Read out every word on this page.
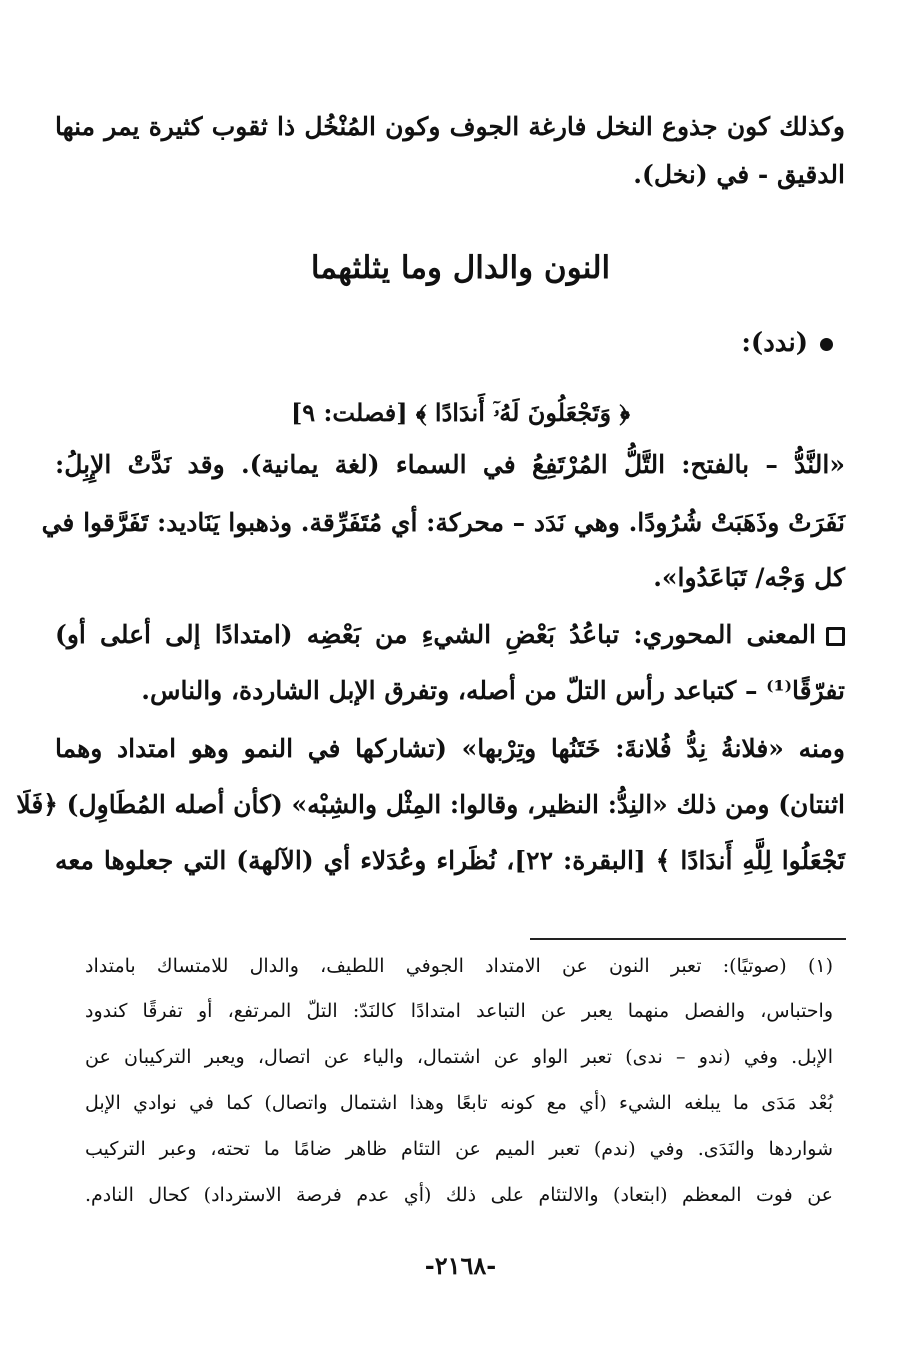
وكذلك كون جذوع النخل فارغة الجوف وكون المُنْخُل ذا ثقوب كثيرة يمر منها
الدقيق - في (نخل).
النون والدال وما يثلثهما
(ندد):
﴿ وَتَجْعَلُونَ لَهُۥٓ أَندَادًا ﴾ [فصلت: ٩]
«النَّدُّ – بالفتح: التَّلُّ المُرْتَفِعُ في السماء (لغة يمانية). وقد نَدَّتْ الإِبِلُ:
نَفَرَتْ وذَهَبَتْ شُرُودًا. وهي نَدَد – محركة: أي مُتَفَرِّقة. وذهبوا يَنَاديد: تَفَرَّقوا في
كل وَجْه/ تَبَاعَدُوا».
المعنى المحوري: تباعُدُ بَعْضِ الشيءِ من بَعْضِه (امتدادًا إلى أعلى أو)
تفرّقًا⁽¹⁾ – كتباعد رأس التلّ من أصله، وتفرق الإبل الشاردة، والناس.
ومنه «فلانةُ نِدُّ فُلانةَ: خَتَنُها وتِرْبها» (تشاركها في النمو وهو امتداد وهما
اثنتان) ومن ذلك «النِدُّ: النظير، وقالوا: المِثْل والشِبْه» (كأن أصله المُطَاوِل) ﴿فَلَا
تَجْعَلُوا لِلَّهِ أَندَادًا ﴾ [البقرة: ٢٢]، نُظَراء وعُدَلاء أي (الآلهة) التي جعلوها معه
(١) (صوتيًا): تعبر النون عن الامتداد الجوفي اللطيف، والدال للامتساك بامتداد
واحتباس، والفصل منهما يعبر عن التباعد امتدادًا كالنَدّ: التلّ المرتفع، أو تفرقًا كندود
الإبل. وفي (ندو – ندى) تعبر الواو عن اشتمال، والياء عن اتصال، ويعبر التركيبان عن
بُعْد مَدَى ما يبلغه الشيء (أي مع كونه تابعًا وهذا اشتمال واتصال) كما في نوادي الإبل
شواردها والنَدَى. وفي (ندم) تعبر الميم عن التئام ظاهر ضامًا ما تحته، وعبر التركيب
عن فوت المعظم (ابتعاد) والالتئام على ذلك (أي عدم فرصة الاسترداد) كحال النادم.
-٢١٦٨-
